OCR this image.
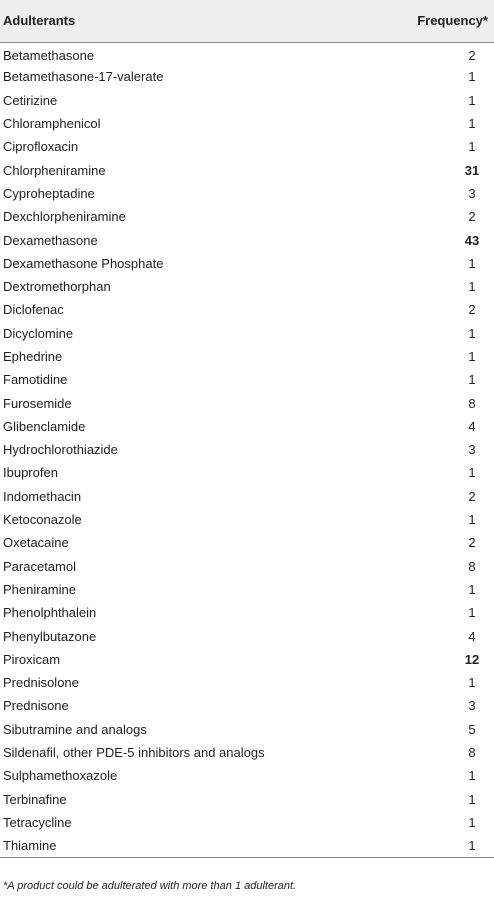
Adulterants	Frequency*
Betamethasone	2
Betamethasone-17-valerate	1
Cetirizine	1
Chloramphenicol	1
Ciprofloxacin	1
Chlorpheniramine	31
Cyproheptadine	3
Dexchlorpheniramine	2
Dexamethasone	43
Dexamethasone Phosphate	1
Dextromethorphan	1
Diclofenac	2
Dicyclomine	1
Ephedrine	1
Famotidine	1
Furosemide	8
Glibenclamide	4
Hydrochlorothiazide	3
Ibuprofen	1
Indomethacin	2
Ketoconazole	1
Oxetacaine	2
Paracetamol	8
Pheniramine	1
Phenolphthalein	1
Phenylbutazone	4
Piroxicam	12
Prednisolone	1
Prednisone	3
Sibutramine and analogs	5
Sildenafil, other PDE-5 inhibitors and analogs	8
Sulphamethoxazole	1
Terbinafine	1
Tetracycline	1
Thiamine	1
*A product could be adulterated with more than 1 adulterant.
